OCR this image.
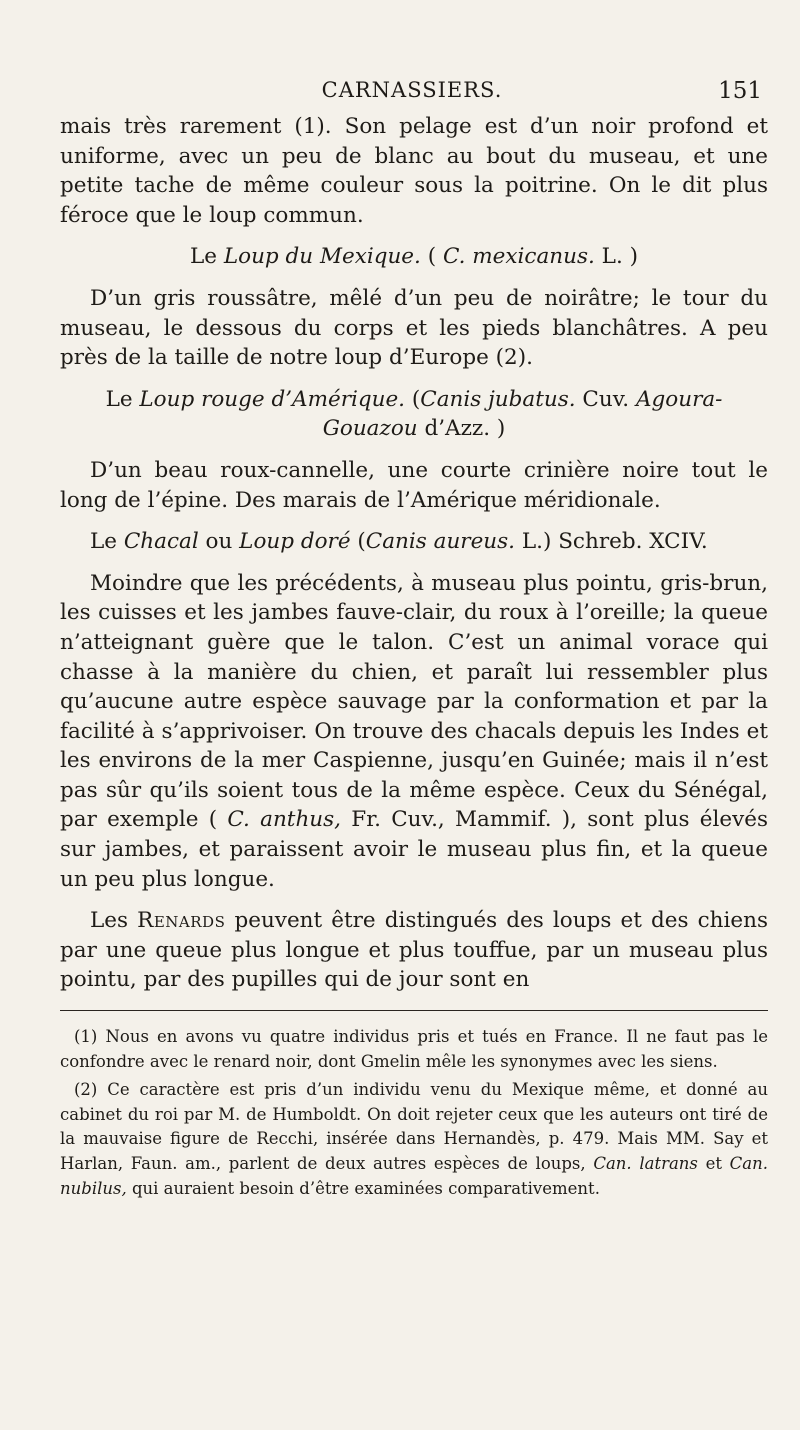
CARNASSIERS.	151

mais très rarement (1). Son pelage est d’un noir profond et uniforme, avec un peu de blanc au bout du museau, et une petite tache de même couleur sous la poitrine. On le dit plus féroce que le loup commun.

Le Loup du Mexique. ( C. mexicanus. L. )

D’un gris roussâtre, mêlé d’un peu de noirâtre; le tour du museau, le dessous du corps et les pieds blanchâtres. A peu près de la taille de notre loup d’Europe (2).

Le Loup rouge d’Amérique. (Canis jubatus. Cuv. Agoura-Gouazou d’Azz. )

D’un beau roux-cannelle, une courte crinière noire tout le long de l’épine. Des marais de l’Amérique méridionale.

Le Chacal ou Loup doré (Canis aureus. L.) Schreb. XCIV.

Moindre que les précédents, à museau plus pointu, gris-brun, les cuisses et les jambes fauve-clair, du roux à l’oreille; la queue n’atteignant guère que le talon. C’est un animal vorace qui chasse à la manière du chien, et paraît lui ressembler plus qu’aucune autre espèce sauvage par la conformation et par la facilité à s’apprivoiser. On trouve des chacals depuis les Indes et les environs de la mer Caspienne, jusqu’en Guinée; mais il n’est pas sûr qu’ils soient tous de la même espèce. Ceux du Sénégal, par exemple ( C. anthus, Fr. Cuv., Mammif. ), sont plus élevés sur jambes, et paraissent avoir le museau plus fin, et la queue un peu plus longue.

Les Renards peuvent être distingués des loups et des chiens par une queue plus longue et plus touffue, par un museau plus pointu, par des pupilles qui de jour sont en

(1) Nous en avons vu quatre individus pris et tués en France. Il ne faut pas le confondre avec le renard noir, dont Gmelin mêle les synonymes avec les siens.

(2) Ce caractère est pris d’un individu venu du Mexique même, et donné au cabinet du roi par M. de Humboldt. On doit rejeter ceux que les auteurs ont tiré de la mauvaise figure de Recchi, insérée dans Hernandès, p. 479. Mais MM. Say et Harlan, Faun. am., parlent de deux autres espèces de loups, Can. latrans et Can. nubilus, qui auraient besoin d’être examinées comparativement.
